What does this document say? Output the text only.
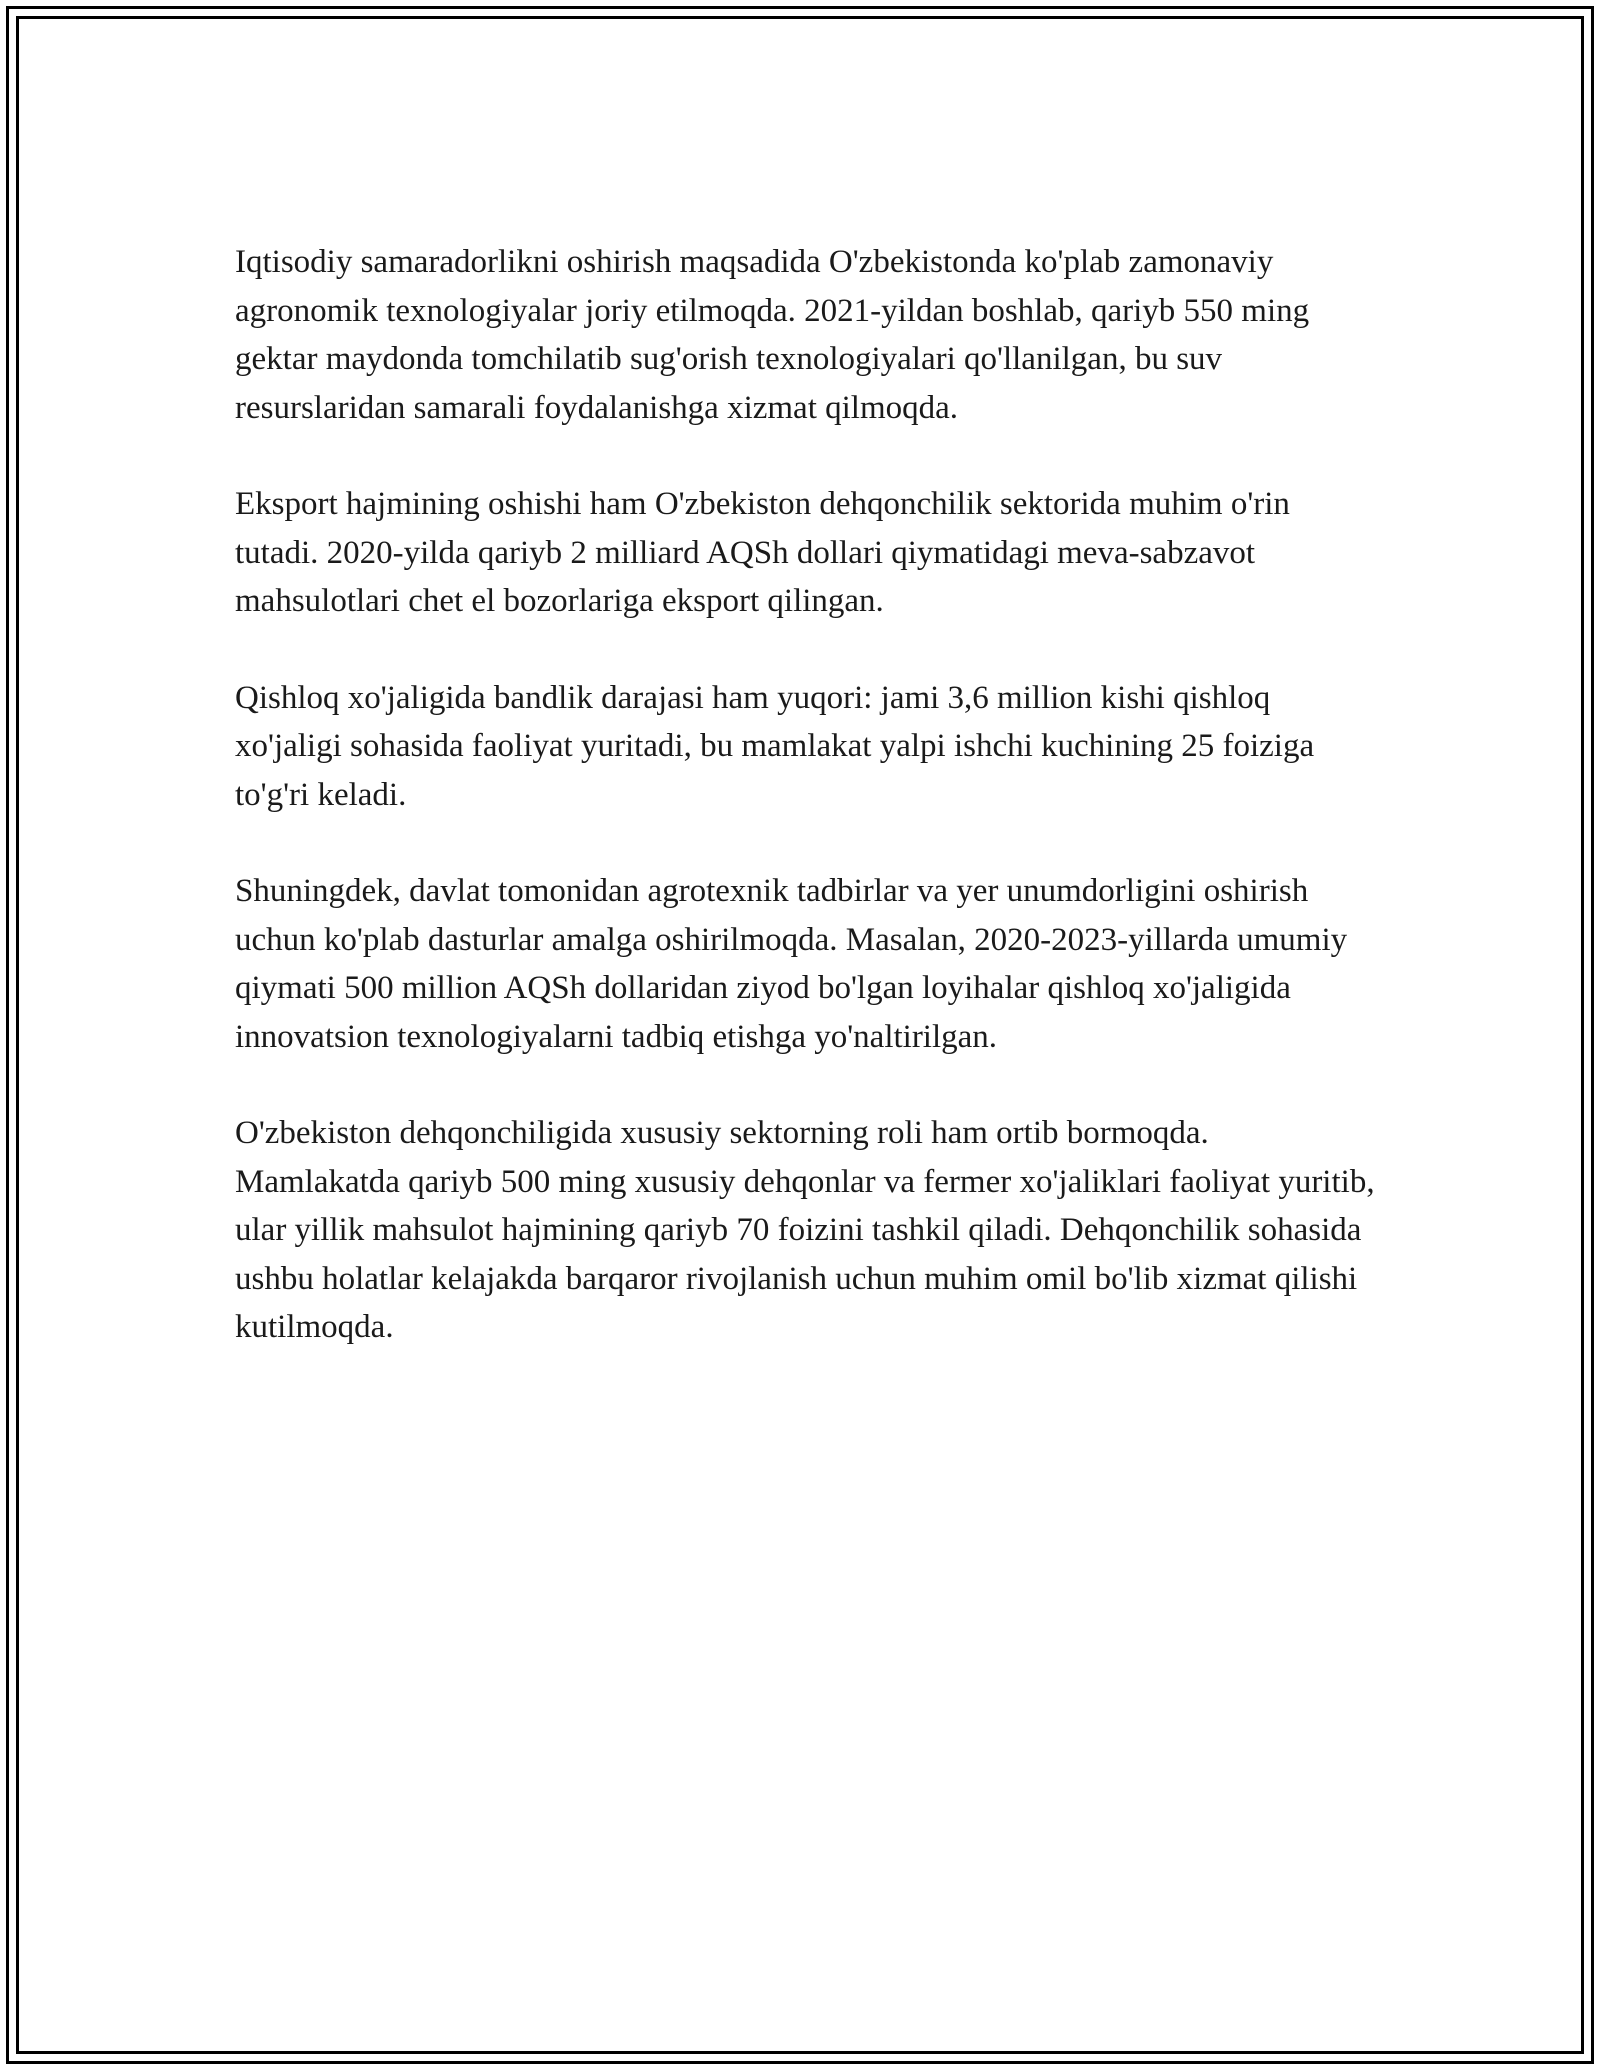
Iqtisodiy samaradorlikni oshirish maqsadida O'zbekistonda ko'plab zamonaviy agronomik texnologiyalar joriy etilmoqda. 2021-yildan boshlab, qariyb 550 ming gektar maydonda tomchilatib sug'orish texnologiyalari qo'llanilgan, bu suv resurslaridan samarali foydalanishga xizmat qilmoqda.

Eksport hajmining oshishi ham O'zbekiston dehqonchilik sektorida muhim o'rin tutadi. 2020-yilda qariyb 2 milliard AQSh dollari qiymatidagi meva-sabzavot mahsulotlari chet el bozorlariga eksport qilingan.

Qishloq xo'jaligida bandlik darajasi ham yuqori: jami 3,6 million kishi qishloq xo'jaligi sohasida faoliyat yuritadi, bu mamlakat yalpi ishchi kuchining 25 foiziga to'g'ri keladi.

Shuningdek, davlat tomonidan agrotexnik tadbirlar va yer unumdorligini oshirish uchun ko'plab dasturlar amalga oshirilmoqda. Masalan, 2020-2023-yillarda umumiy qiymati 500 million AQSh dollaridan ziyod bo'lgan loyihalar qishloq xo'jaligida innovatsion texnologiyalarni tadbiq etishga yo'naltirilgan.

O'zbekiston dehqonchiligida xususiy sektorning roli ham ortib bormoqda. Mamlakatda qariyb 500 ming xususiy dehqonlar va fermer xo'jaliklari faoliyat yuritib, ular yillik mahsulot hajmining qariyb 70 foizini tashkil qiladi. Dehqonchilik sohasida ushbu holatlar kelajakda barqaror rivojlanish uchun muhim omil bo'lib xizmat qilishi kutilmoqda.
